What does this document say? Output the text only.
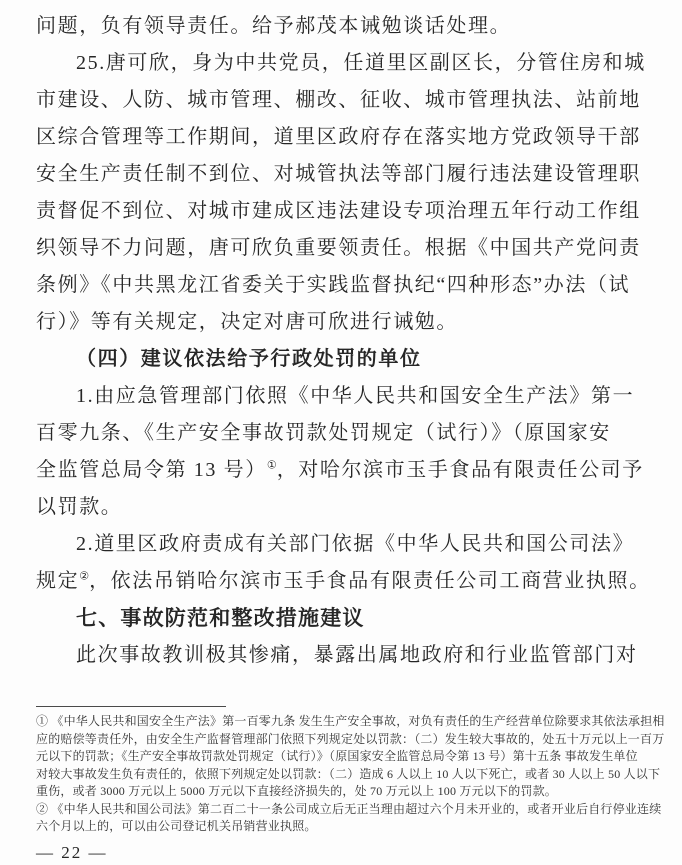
问题，负有领导责任。给予郝茂本诫勉谈话处理。
25.唐可欣，身为中共党员，任道里区副区长，分管住房和城
市建设、人防、城市管理、棚改、征收、城市管理执法、站前地
区综合管理等工作期间，道里区政府存在落实地方党政领导干部
安全生产责任制不到位、对城管执法等部门履行违法建设管理职
责督促不到位、对城市建成区违法建设专项治理五年行动工作组
织领导不力问题，唐可欣负重要领责任。根据《中国共产党问责
条例》《中共黑龙江省委关于实践监督执纪“四种形态”办法（试
行）》等有关规定，决定对唐可欣进行诫勉。
（四）建议依法给予行政处罚的单位
1.由应急管理部门依照《中华人民共和国安全生产法》第一
百零九条、《生产安全事故罚款处罚规定（试行）》（原国家安
全监管总局令第 13 号）①，对哈尔滨市玉手食品有限责任公司予
以罚款。
2.道里区政府责成有关部门依据《中华人民共和国公司法》
规定②，依法吊销哈尔滨市玉手食品有限责任公司工商营业执照。
七、事故防范和整改措施建议
此次事故教训极其惨痛，暴露出属地政府和行业监管部门对
① 《中华人民共和国安全生产法》第一百零九条 发生生产安全事故，对负有责任的生产经营单位除要求其依法承担相
应的赔偿等责任外，由安全生产监督管理部门依照下列规定处以罚款：（二）发生较大事故的，处五十万元以上一百万
元以下的罚款；《生产安全事故罚款处罚规定（试行）》（原国家安全监管总局令第 13 号）第十五条 事故发生单位
对较大事故发生负有责任的，依照下列规定处以罚款：（二）造成 6 人以上 10 人以下死亡，或者 30 人以上 50 人以下
重伤，或者 3000 万元以上 5000 万元以下直接经济损失的，处 70 万元以上 100 万元以下的罚款。
② 《中华人民共和国公司法》第二百二十一条公司成立后无正当理由超过六个月未开业的，或者开业后自行停业连续
六个月以上的，可以由公司登记机关吊销营业执照。
— 22 —
